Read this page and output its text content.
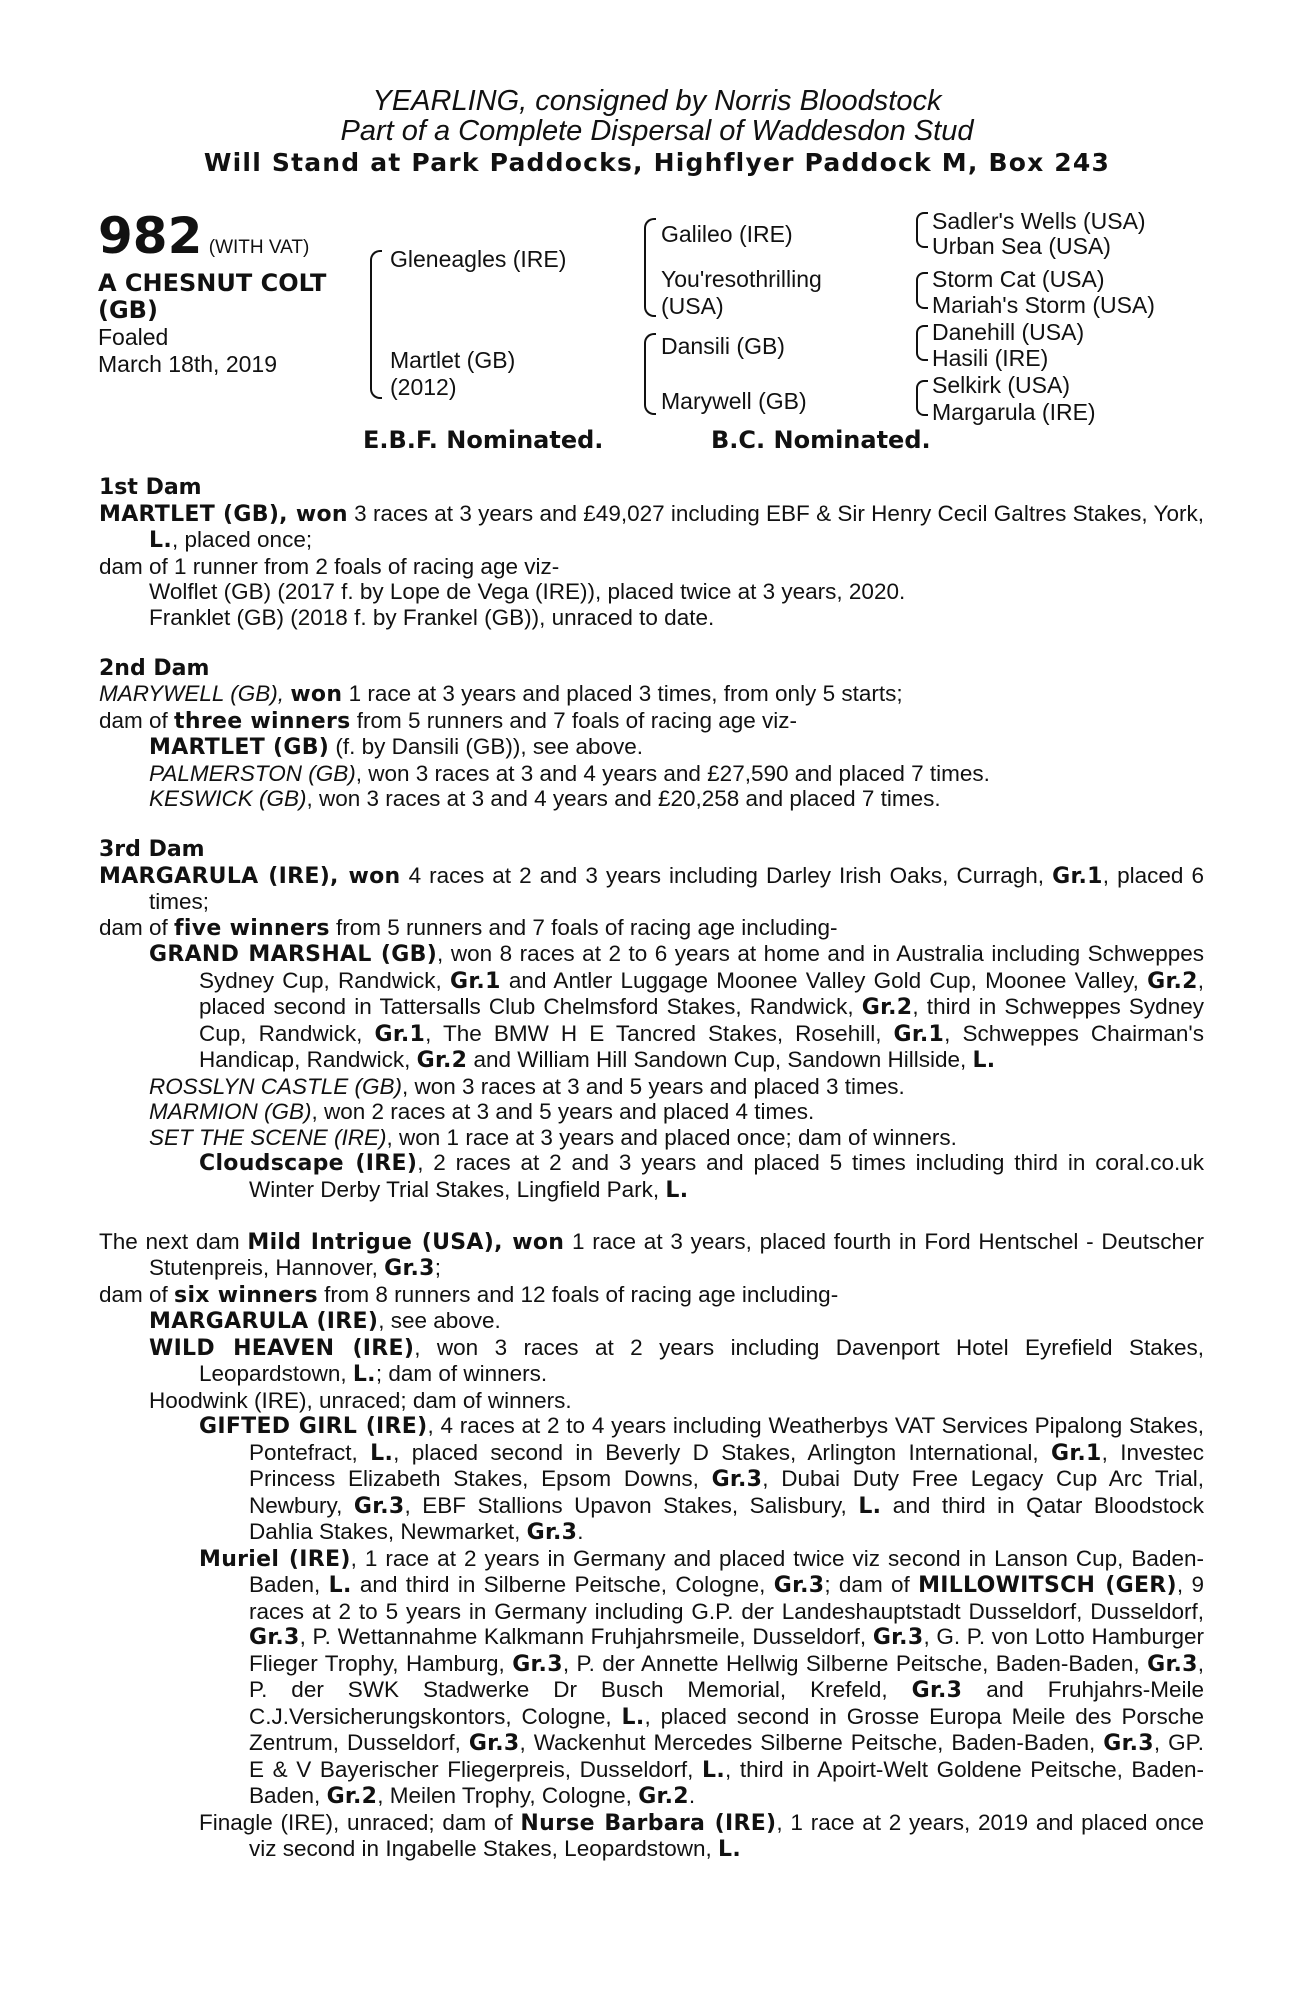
YEARLING, consigned by Norris Bloodstock
Part of a Complete Dispersal of Waddesdon Stud
Will Stand at Park Paddocks, Highflyer Paddock M, Box 243
982 (WITH VAT)
A CHESNUT COLT
(GB)
Foaled
March 18th, 2019
Gleneagles (IRE)
Martlet (GB)
(2012)
Galileo (IRE)
You'resothrilling
(USA)
Dansili (GB)
Marywell (GB)
Sadler's Wells (USA)
Urban Sea (USA)
Storm Cat (USA)
Mariah's Storm (USA)
Danehill (USA)
Hasili (IRE)
Selkirk (USA)
Margarula (IRE)
E.B.F. Nominated.	B.C. Nominated.
1st Dam
MARTLET (GB), won 3 races at 3 years and £49,027 including EBF & Sir Henry Cecil Galtres Stakes, York, L., placed once;
dam of 1 runner from 2 foals of racing age viz-
Wolflet (GB) (2017 f. by Lope de Vega (IRE)), placed twice at 3 years, 2020.
Franklet (GB) (2018 f. by Frankel (GB)), unraced to date.
2nd Dam
MARYWELL (GB), won 1 race at 3 years and placed 3 times, from only 5 starts;
dam of three winners from 5 runners and 7 foals of racing age viz-
MARTLET (GB) (f. by Dansili (GB)), see above.
PALMERSTON (GB), won 3 races at 3 and 4 years and £27,590 and placed 7 times.
KESWICK (GB), won 3 races at 3 and 4 years and £20,258 and placed 7 times.
3rd Dam
MARGARULA (IRE), won 4 races at 2 and 3 years including Darley Irish Oaks, Curragh, Gr.1, placed 6 times;
dam of five winners from 5 runners and 7 foals of racing age including-
GRAND MARSHAL (GB), won 8 races at 2 to 6 years at home and in Australia including Schweppes Sydney Cup, Randwick, Gr.1 and Antler Luggage Moonee Valley Gold Cup, Moonee Valley, Gr.2, placed second in Tattersalls Club Chelmsford Stakes, Randwick, Gr.2, third in Schweppes Sydney Cup, Randwick, Gr.1, The BMW H E Tancred Stakes, Rosehill, Gr.1, Schweppes Chairman's Handicap, Randwick, Gr.2 and William Hill Sandown Cup, Sandown Hillside, L.
ROSSLYN CASTLE (GB), won 3 races at 3 and 5 years and placed 3 times.
MARMION (GB), won 2 races at 3 and 5 years and placed 4 times.
SET THE SCENE (IRE), won 1 race at 3 years and placed once; dam of winners.
Cloudscape (IRE), 2 races at 2 and 3 years and placed 5 times including third in coral.co.uk Winter Derby Trial Stakes, Lingfield Park, L.
The next dam Mild Intrigue (USA), won 1 race at 3 years, placed fourth in Ford Hentschel - Deutscher Stutenpreis, Hannover, Gr.3;
dam of six winners from 8 runners and 12 foals of racing age including-
MARGARULA (IRE), see above.
WILD HEAVEN (IRE), won 3 races at 2 years including Davenport Hotel Eyrefield Stakes, Leopardstown, L.; dam of winners.
Hoodwink (IRE), unraced; dam of winners.
GIFTED GIRL (IRE), 4 races at 2 to 4 years including Weatherbys VAT Services Pipalong Stakes, Pontefract, L., placed second in Beverly D Stakes, Arlington International, Gr.1, Investec Princess Elizabeth Stakes, Epsom Downs, Gr.3, Dubai Duty Free Legacy Cup Arc Trial, Newbury, Gr.3, EBF Stallions Upavon Stakes, Salisbury, L. and third in Qatar Bloodstock Dahlia Stakes, Newmarket, Gr.3.
Muriel (IRE), 1 race at 2 years in Germany and placed twice viz second in Lanson Cup, Baden-Baden, L. and third in Silberne Peitsche, Cologne, Gr.3; dam of MILLOWITSCH (GER), 9 races at 2 to 5 years in Germany including G.P. der Landeshauptstadt Dusseldorf, Dusseldorf, Gr.3, P. Wettannahme Kalkmann Fruhjahrsmeile, Dusseldorf, Gr.3, G. P. von Lotto Hamburger Flieger Trophy, Hamburg, Gr.3, P. der Annette Hellwig Silberne Peitsche, Baden-Baden, Gr.3, P. der SWK Stadwerke Dr Busch Memorial, Krefeld, Gr.3 and Fruhjahrs-Meile C.J.Versicherungskontors, Cologne, L., placed second in Grosse Europa Meile des Porsche Zentrum, Dusseldorf, Gr.3, Wackenhut Mercedes Silberne Peitsche, Baden-Baden, Gr.3, GP. E & V Bayerischer Fliegerpreis, Dusseldorf, L., third in Apoirt-Welt Goldene Peitsche, Baden-Baden, Gr.2, Meilen Trophy, Cologne, Gr.2.
Finagle (IRE), unraced; dam of Nurse Barbara (IRE), 1 race at 2 years, 2019 and placed once viz second in Ingabelle Stakes, Leopardstown, L.
